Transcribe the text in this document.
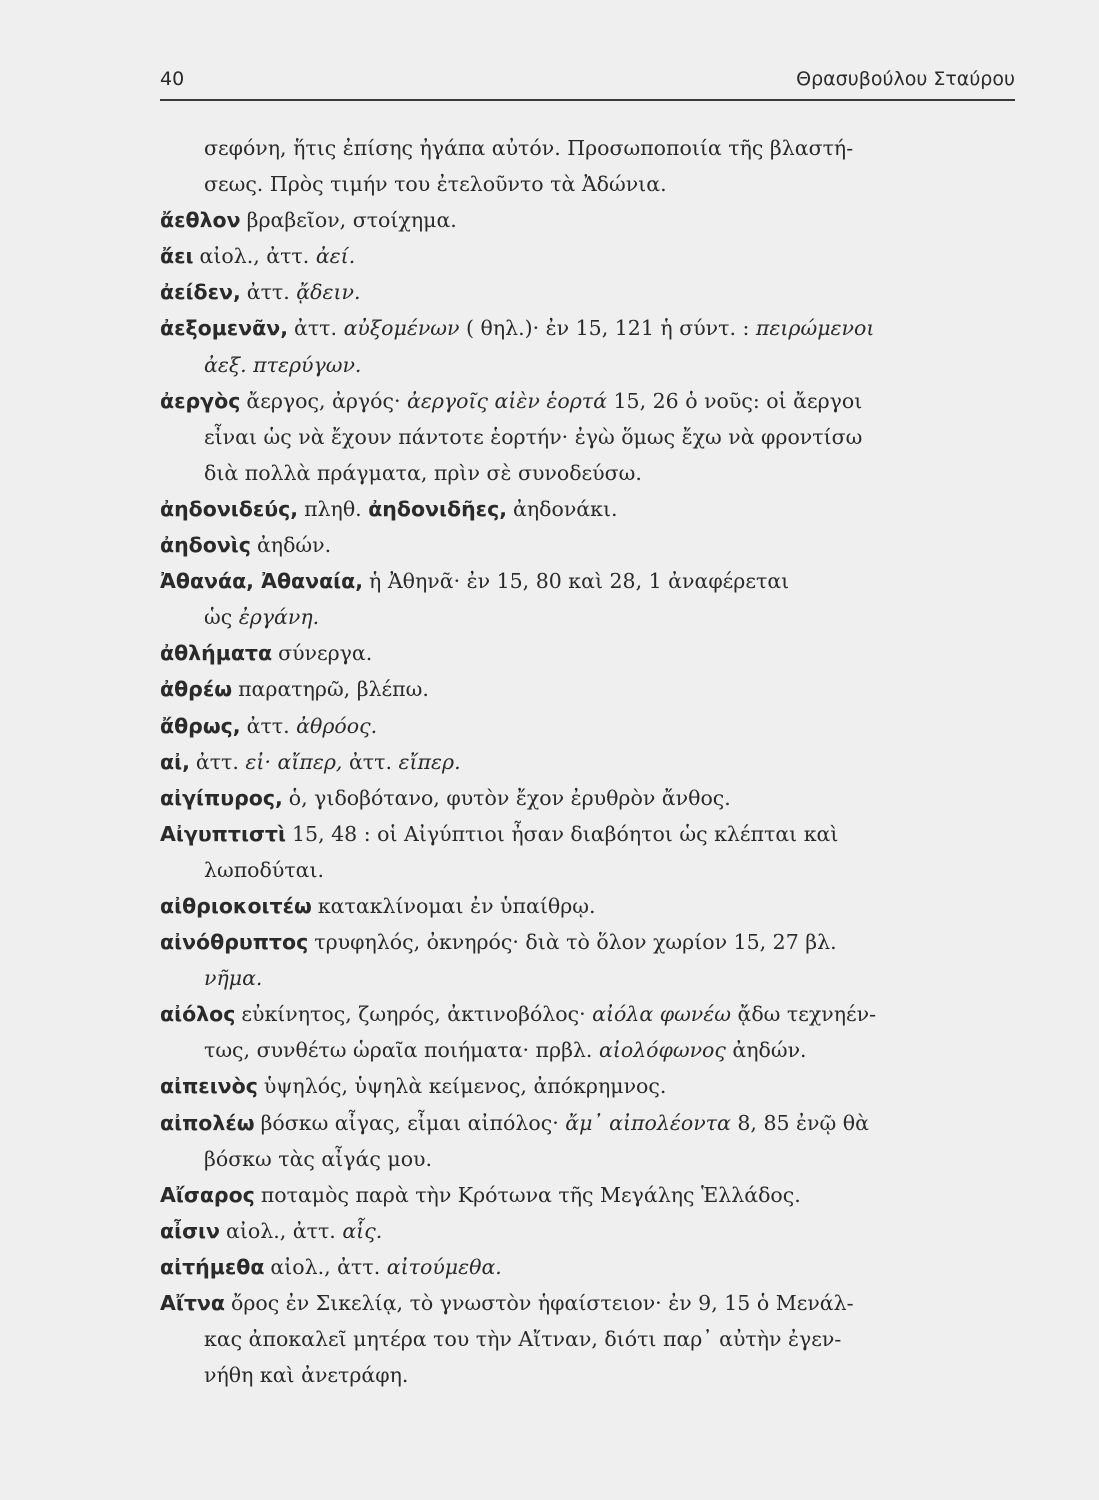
40	Θρασυβούλου Σταύρου
σεφόνη, ἥτις ἐπίσης ἠγάπα αὐτόν. Προσωποποιία τῆς βλαστή-
σεως. Πρὸς τιμήν του ἐτελοῦντο τὰ Ἀδώνια.
ἄεθλον βραβεῖον, στοίχημα.
ἄει αἰολ., ἀττ. ἀεί.
ἀείδεν, ἀττ. ᾄδειν.
ἀεξομενᾶν, ἀττ. αὐξομένων ( θηλ.)· ἐν 15, 121 ἡ σύντ. : πειρώμενοι
ἀεξ. πτερύγων.
ἀεργὸς ἄεργος, ἀργός· ἀεργοῖς αἰὲν ἑορτά 15, 26 ὁ νοῦς: οἱ ἄεργοι
εἶναι ὡς νὰ ἔχουν πάντοτε ἑορτήν· ἐγὼ ὅμως ἔχω νὰ φροντίσω
διὰ πολλὰ πράγματα, πρὶν σὲ συνοδεύσω.
ἀηδονιδεύς, πληθ. ἀηδονιδῆες, ἀηδονάκι.
ἀηδονὶς ἀηδών.
Ἀθανάα, Ἀθαναία, ἡ Ἀθηνᾶ· ἐν 15, 80 καὶ 28, 1 ἀναφέρεται
ὡς ἐργάνη.
ἀθλήματα σύνεργα.
ἀθρέω παρατηρῶ, βλέπω.
ἄθρως, ἀττ. ἀθρόος.
αἰ, ἀττ. εἰ· αἴπερ, ἀττ. εἴπερ.
αἰγίπυρος, ὁ, γιδοβότανο, φυτὸν ἔχον ἐρυθρὸν ἄνθος.
Αἰγυπτιστὶ 15, 48 : οἱ Αἰγύπτιοι ἦσαν διαβόητοι ὡς κλέπται καὶ
λωποδύται.
αἰθριοκοιτέω κατακλίνομαι ἐν ὑπαίθρῳ.
αἰνόθρυπτος τρυφηλός, ὀκνηρός· διὰ τὸ ὅλον χωρίον 15, 27 βλ.
νῆμα.
αἰόλος εὐκίνητος, ζωηρός, ἀκτινοβόλος· αἰόλα φωνέω ᾄδω τεχνηέν-
τως, συνθέτω ὡραῖα ποιήματα· πρβλ. αἰολόφωνος ἀηδών.
αἰπεινὸς ὑψηλός, ὑψηλὰ κείμενος, ἀπόκρημνος.
αἰπολέω βόσκω αἶγας, εἶμαι αἰπόλος· ἄμ᾽ αἰπολέοντα 8, 85 ἐνῷ θὰ
βόσκω τὰς αἶγάς μου.
Αἴσαρος ποταμὸς παρὰ τὴν Κρότωνα τῆς Μεγάλης Ἑλλάδος.
αἶσιν αἰολ., ἀττ. αἷς.
αἰτήμεθα αἰολ., ἀττ. αἰτούμεθα.
Αἴτνα ὄρος ἐν Σικελίᾳ, τὸ γνωστὸν ἡφαίστειον· ἐν 9, 15 ὁ Μενάλ-
κας ἀποκαλεῖ μητέρα του τὴν Αἴτναν, διότι παρ᾽ αὐτὴν ἐγεν-
νήθη καὶ ἀνετράφη.
